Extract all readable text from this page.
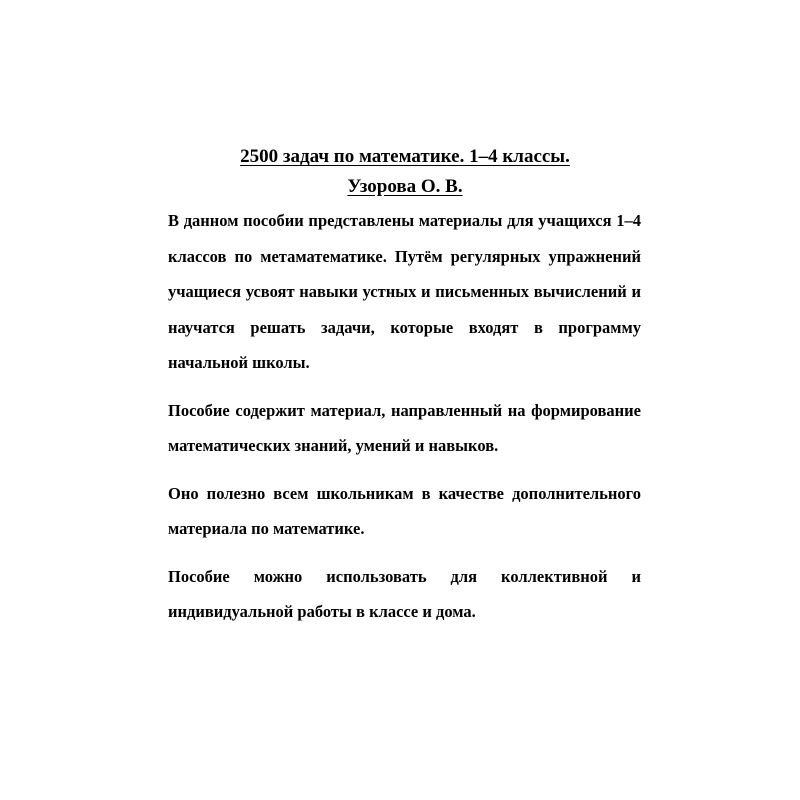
2500 задач по математике. 1–4 классы.
Узорова О. В.

В данном пособии представлены материалы для учащихся 1–4 классов по метаматематике. Путём регулярных упражнений учащиеся усвоят навыки устных и письменных вычислений и научатся решать задачи, которые входят в программу начальной школы.

Пособие содержит материал, направленный на формирование математических знаний, умений и навыков.

Оно полезно всем школьникам в качестве дополнительного материала по математике.

Пособие можно использовать для коллективной и индивидуальной работы в классе и дома.
